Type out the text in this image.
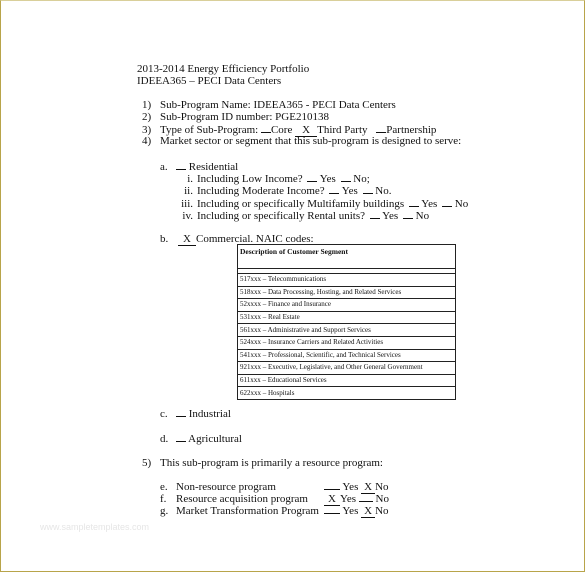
2013-2014 Energy Efficiency Portfolio
IDEEA365 – PECI Data Centers
1) Sub-Program Name: IDEEA365 - PECI Data Centers
2) Sub-Program ID number: PGE210138
3) Type of Sub-Program: Core X Third Party Partnership
4) Market sector or segment that this sub-program is designed to serve:
a. Residential
i. Including Low Income? Yes No;
ii. Including Moderate Income? Yes No.
iii. Including or specifically Multifamily buildings Yes No
iv. Including or specifically Rental units? Yes No
b. X Commercial. NAIC codes:
Description of Customer Segment

517xxx – Telecommunications
518xxx – Data Processing, Hosting, and Related Services
52xxxx – Finance and Insurance
531xxx – Real Estate
561xxx – Administrative and Support Services
524xxx – Insurance Carriers and Related Activities
541xxx – Professional, Scientific, and Technical Services
921xxx – Executive, Legislative, and Other General Government
611xxx – Educational Services
622xxx – Hospitals
c. Industrial
d. Agricultural
5) This sub-program is primarily a resource program:
e. Non-resource program	Yes X No
f. Resource acquisition program X Yes No
g. Market Transformation Program Yes X No
www.sampletemplates.com
